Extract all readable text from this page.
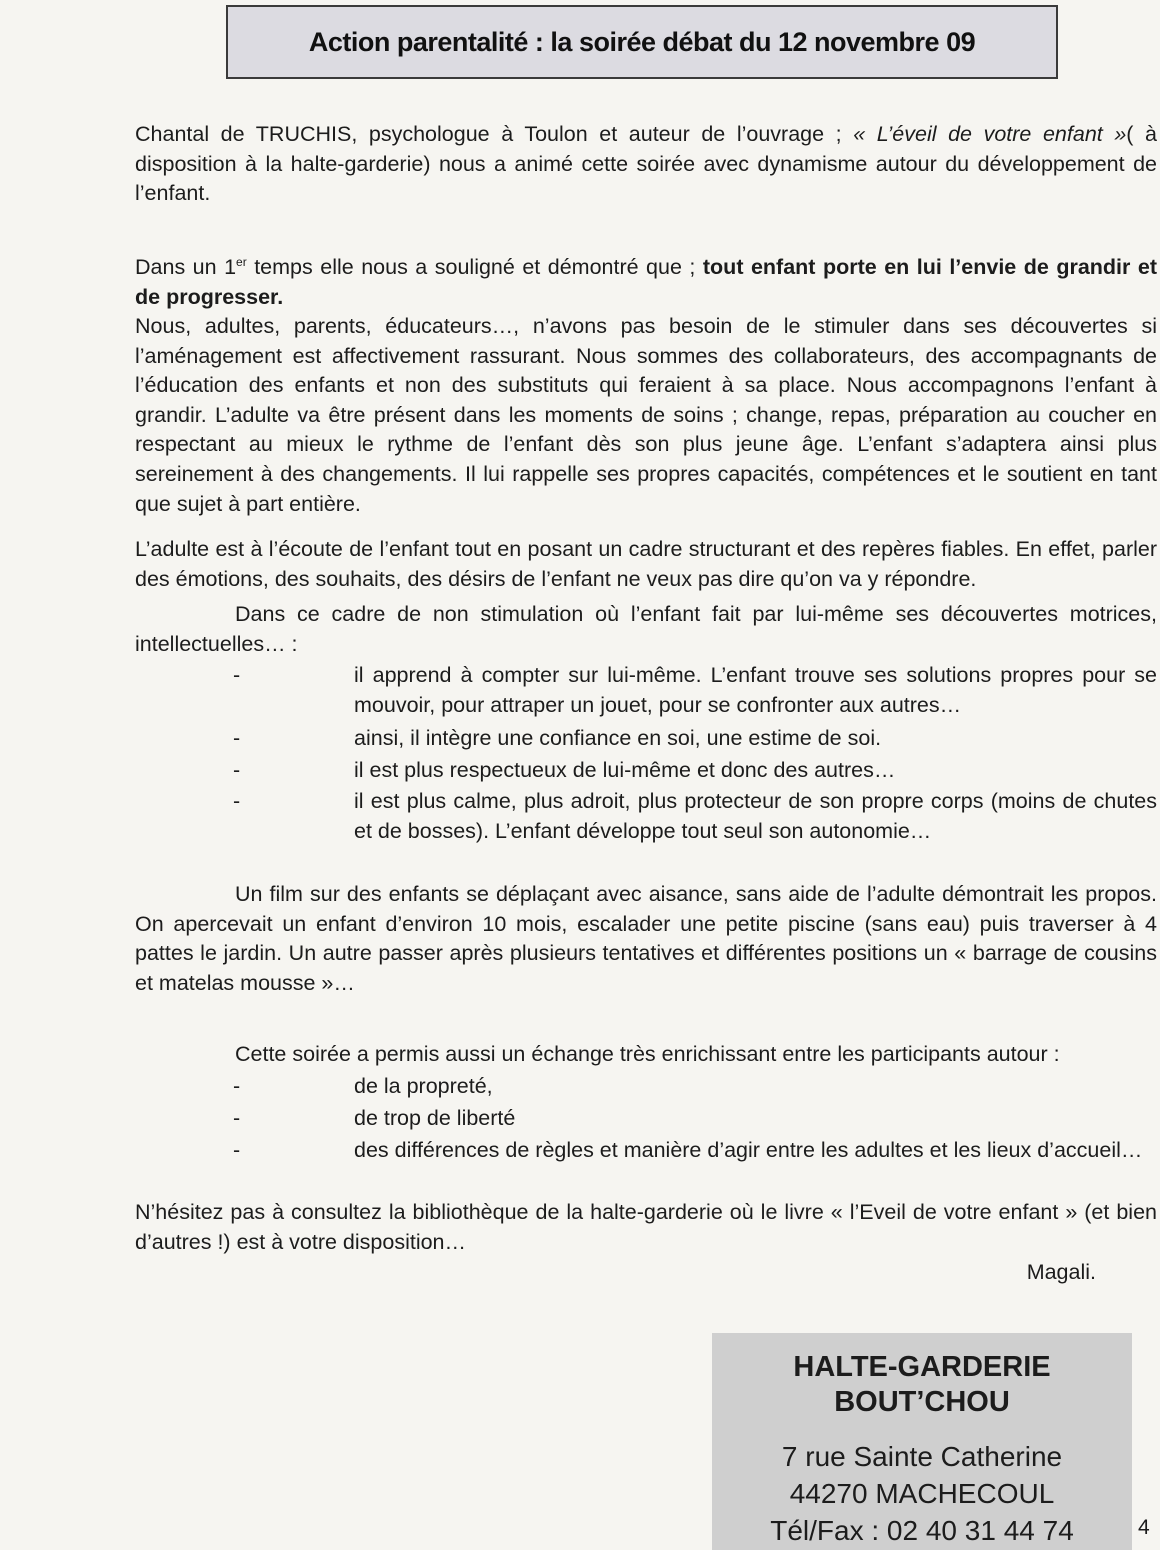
Action parentalité : la soirée débat du 12 novembre 09

Chantal de TRUCHIS, psychologue à Toulon et auteur de l’ouvrage ; « L’éveil de votre enfant »( à disposition à la halte-garderie) nous a animé cette soirée avec dynamisme autour du développement de l’enfant.

Dans un 1er temps elle nous a souligné et démontré que ; tout enfant porte en lui l’envie de grandir et de progresser.

Nous, adultes, parents, éducateurs…, n’avons pas besoin de le stimuler dans ses découvertes si l’aménagement est affectivement rassurant. Nous sommes des collaborateurs, des accompagnants de l’éducation des enfants et non des substituts qui feraient à sa place. Nous accompagnons l’enfant à grandir. L’adulte va être présent dans les moments de soins ; change, repas, préparation au coucher en respectant au mieux le rythme de l’enfant dès son plus jeune âge. L’enfant s’adaptera ainsi plus sereinement à des changements. Il lui rappelle ses propres capacités, compétences et le soutient en tant que sujet à part entière.

L’adulte est à l’écoute de l’enfant tout en posant un cadre structurant et des repères fiables. En effet, parler des émotions, des souhaits, des désirs de l’enfant ne veux pas dire qu’on va y répondre.

Dans ce cadre de non stimulation où l’enfant fait par lui-même ses découvertes motrices, intellectuelles… :

-	il apprend à compter sur lui-même. L’enfant trouve ses solutions propres pour se mouvoir, pour attraper un jouet, pour se confronter aux autres…
-	ainsi, il intègre une confiance en soi, une estime de soi.
-	il est plus respectueux de lui-même et donc des autres…
-	il est plus calme, plus adroit, plus protecteur de son propre corps (moins de chutes et de bosses). L’enfant développe tout seul son autonomie…

Un film sur des enfants se déplaçant avec aisance, sans aide de l’adulte démontrait les propos. On apercevait un enfant d’environ 10 mois, escalader une petite piscine (sans eau) puis traverser à 4 pattes le jardin. Un autre passer après plusieurs tentatives et différentes positions un « barrage de cousins et matelas mousse »…

Cette soirée a permis aussi un échange très enrichissant entre les participants autour :

-	de la propreté,
-	de trop de liberté
-	des différences de règles et manière d’agir entre les adultes et les lieux d’accueil…

N’hésitez pas à consultez la bibliothèque de la halte-garderie où le livre « l’Eveil de votre enfant » (et bien d’autres !) est à votre disposition…

Magali.
HALTE-GARDERIE
BOUT’CHOU
7 rue Sainte Catherine
44270 MACHECOUL
Tél/Fax : 02 40 31 44 74	4
